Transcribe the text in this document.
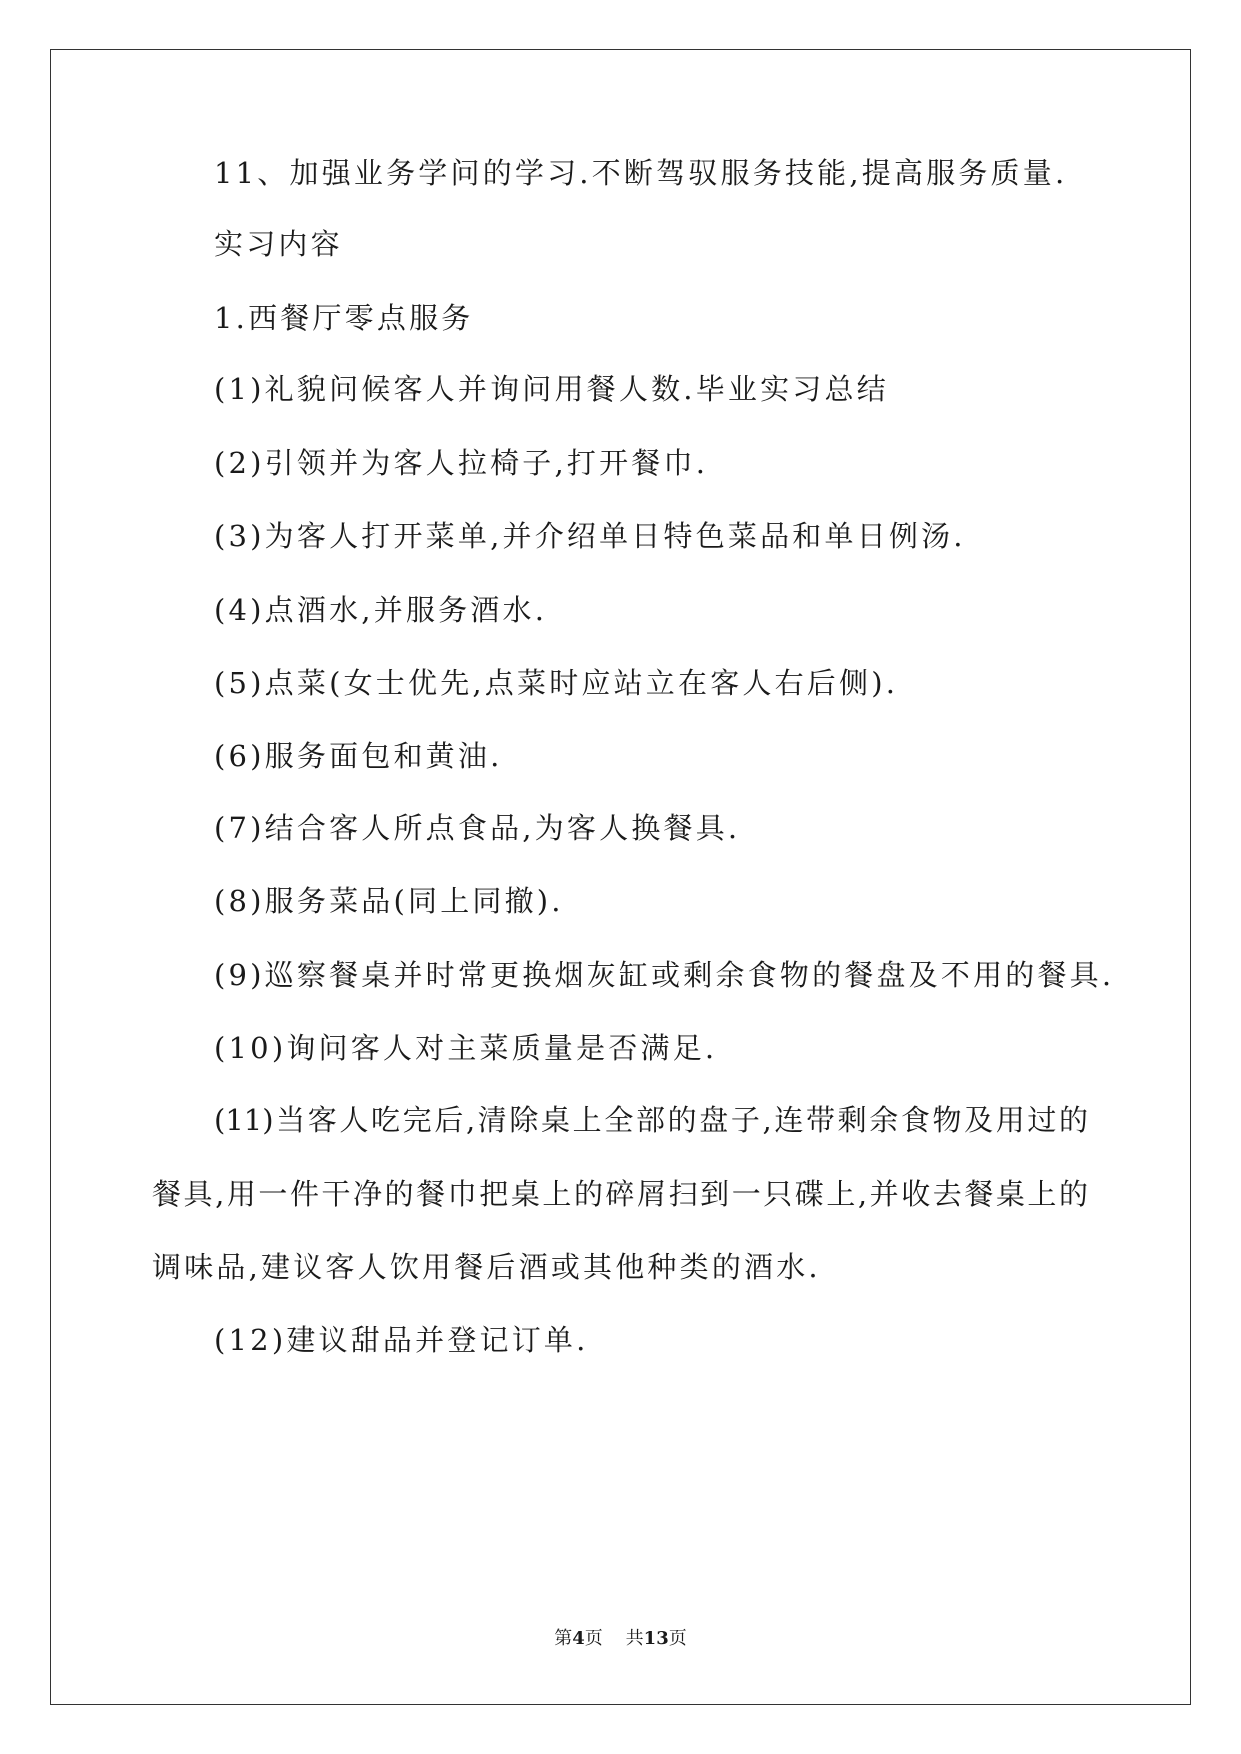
11、加强业务学问的学习.不断驾驭服务技能,提高服务质量.
实习内容
1.西餐厅零点服务
(1)礼貌问候客人并询问用餐人数.毕业实习总结
(2)引领并为客人拉椅子,打开餐巾.
(3)为客人打开菜单,并介绍单日特色菜品和单日例汤.
(4)点酒水,并服务酒水.
(5)点菜(女士优先,点菜时应站立在客人右后侧).
(6)服务面包和黄油.
(7)结合客人所点食品,为客人换餐具.
(8)服务菜品(同上同撤).
(9)巡察餐桌并时常更换烟灰缸或剩余食物的餐盘及不用的餐具.
(10)询问客人对主菜质量是否满足.
(11)当客人吃完后,清除桌上全部的盘子,连带剩余食物及用过的
餐具,用一件干净的餐巾把桌上的碎屑扫到一只碟上,并收去餐桌上的
调味品,建议客人饮用餐后酒或其他种类的酒水.
(12)建议甜品并登记订单.
第4页 共13页
